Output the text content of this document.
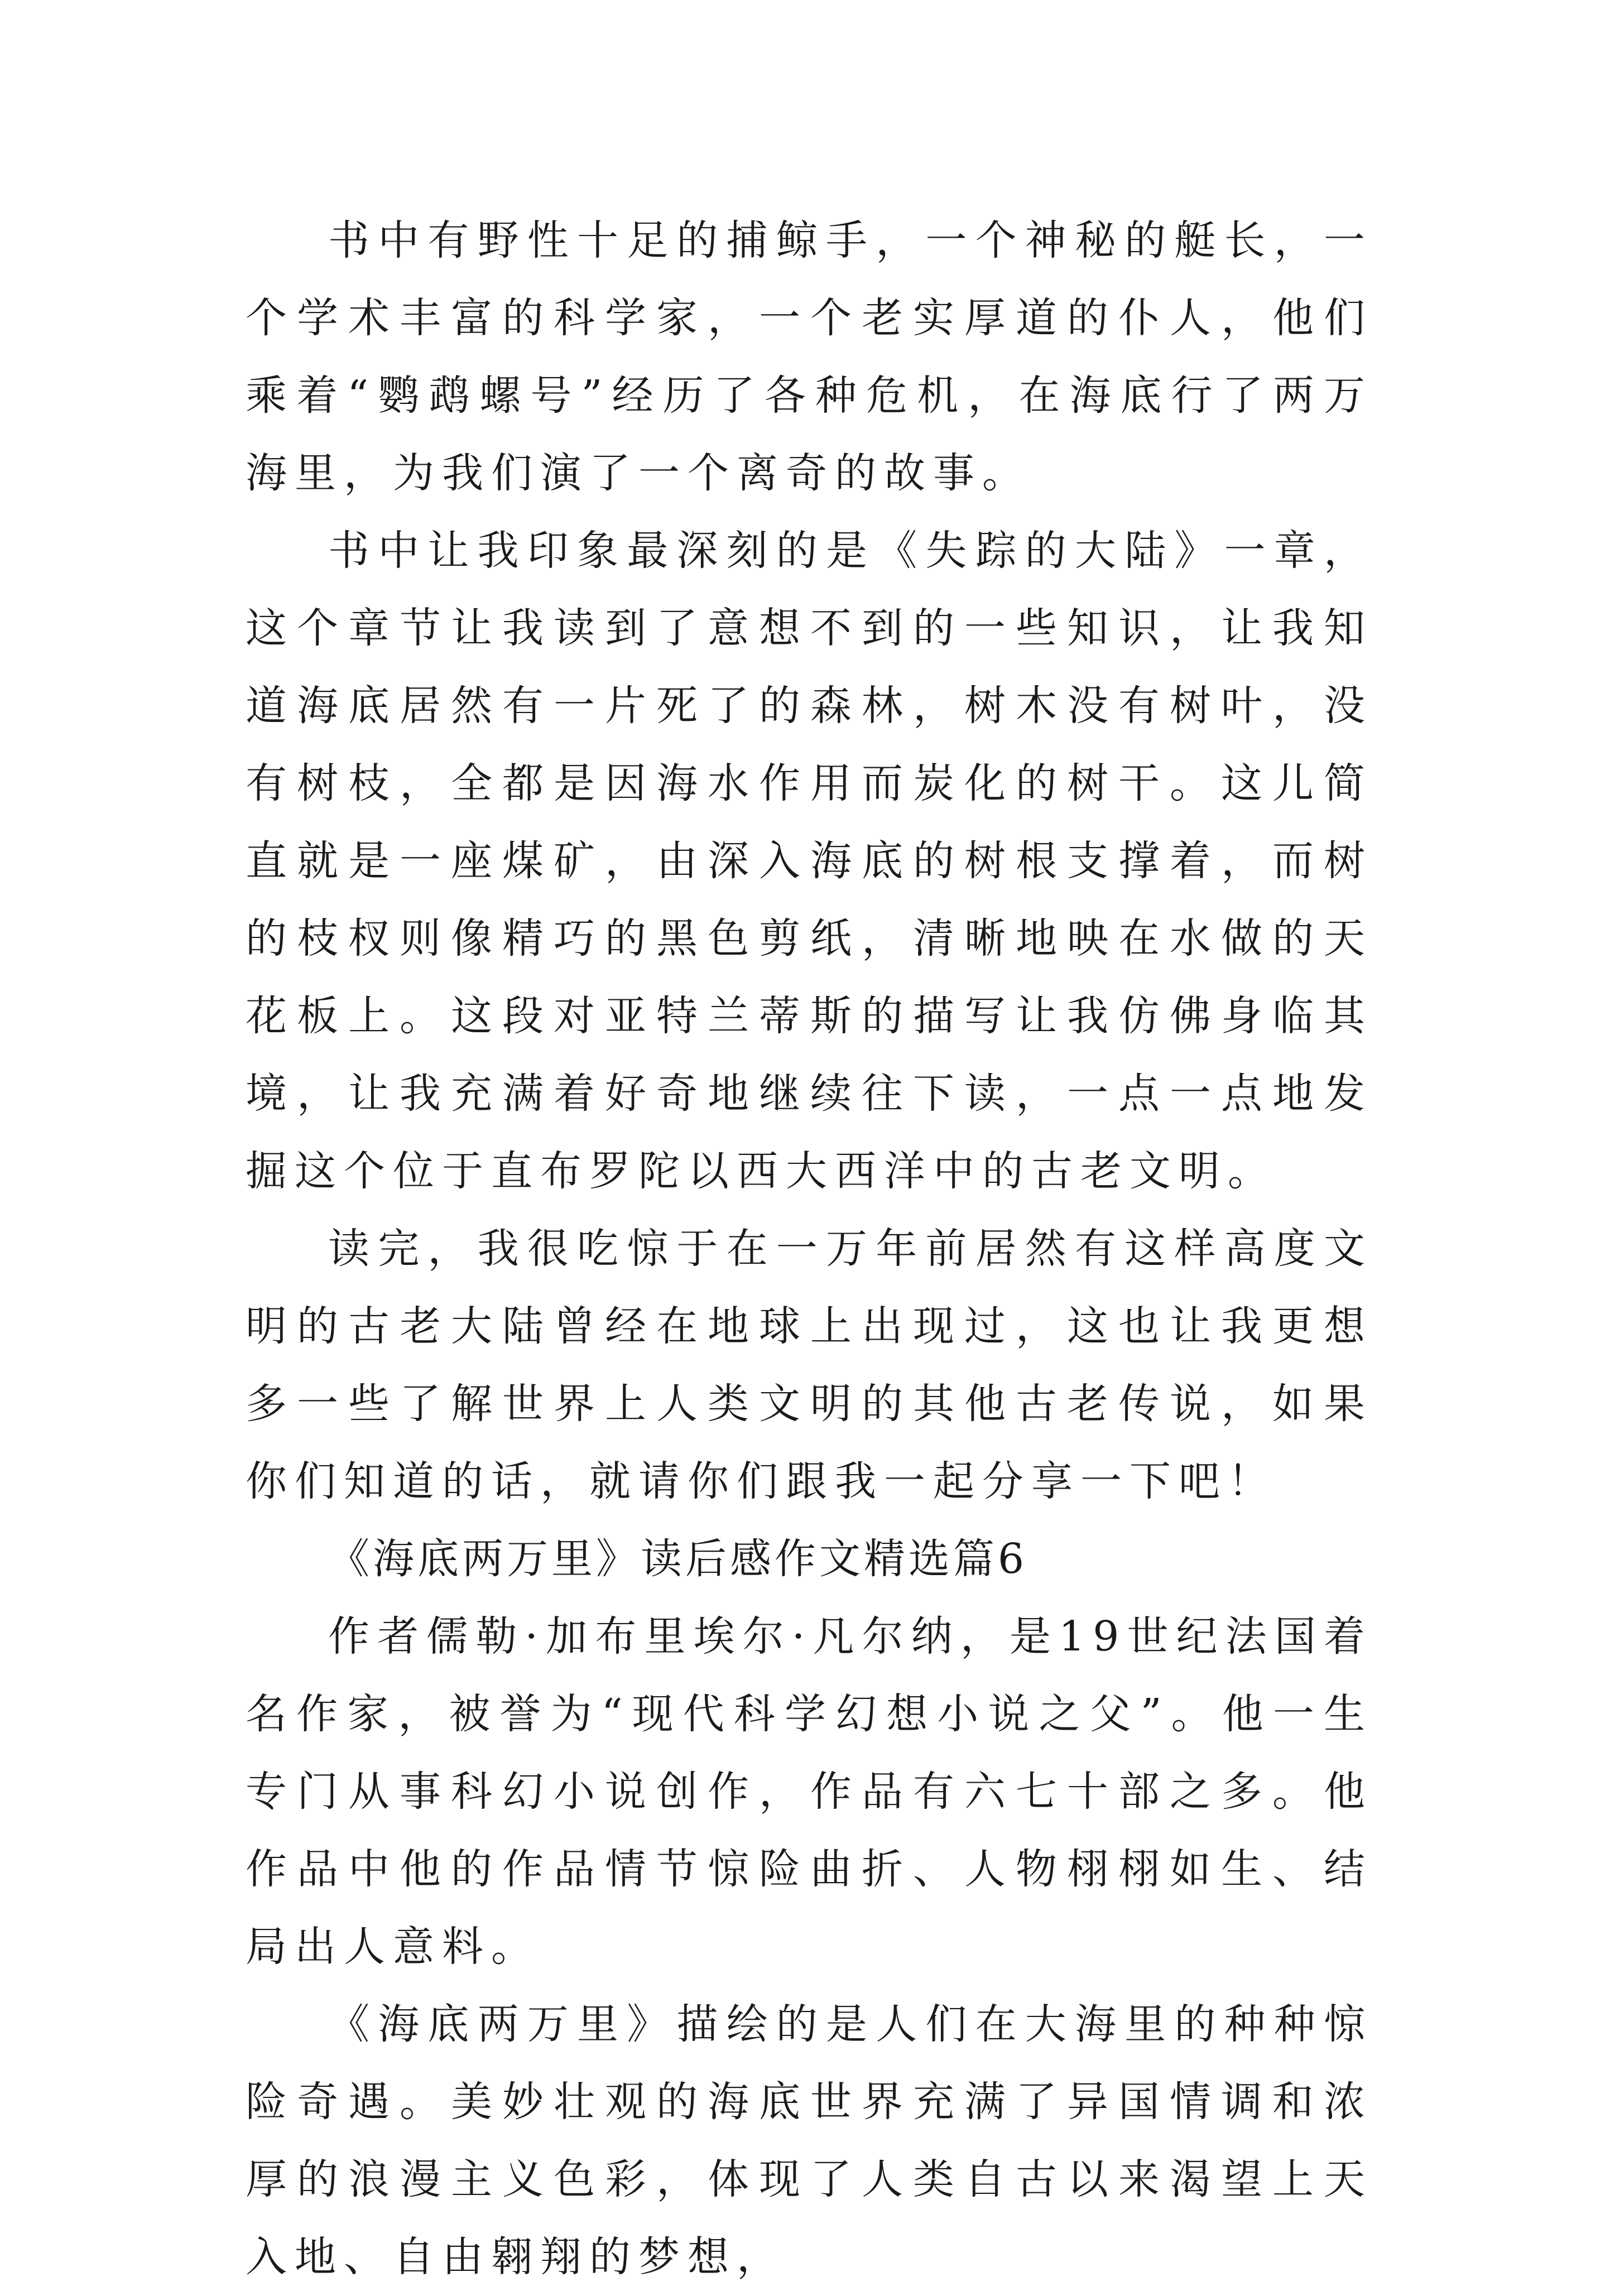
书中有野性十足的捕鲸手，一个神秘的艇长，一个学术丰富的科学家，一个老实厚道的仆人，他们乘着“鹦鹉螺号”经历了各种危机，在海底行了两万海里，为我们演了一个离奇的故事。

书中让我印象最深刻的是《失踪的大陆》一章，这个章节让我读到了意想不到的一些知识，让我知道海底居然有一片死了的森林，树木没有树叶，没有树枝，全都是因海水作用而炭化的树干。这儿简直就是一座煤矿，由深入海底的树根支撑着，而树的枝杈则像精巧的黑色剪纸，清晰地映在水做的天花板上。这段对亚特兰蒂斯的描写让我仿佛身临其境，让我充满着好奇地继续往下读，一点一点地发掘这个位于直布罗陀以西大西洋中的古老文明。

读完，我很吃惊于在一万年前居然有这样高度文明的古老大陆曾经在地球上出现过，这也让我更想多一些了解世界上人类文明的其他古老传说，如果你们知道的话，就请你们跟我一起分享一下吧！

《海底两万里》读后感作文精选篇6

作者儒勒·加布里埃尔·凡尔纳，是19世纪法国着名作家，被誉为“现代科学幻想小说之父”。他一生专门从事科幻小说创作，作品有六七十部之多。他作品中他的作品情节惊险曲折、人物栩栩如生、结局出人意料。

《海底两万里》描绘的是人们在大海里的种种惊险奇遇。美妙壮观的海底世界充满了异国情调和浓厚的浪漫主义色彩，体现了人类自古以来渴望上天入地、自由翱翔的梦想，
